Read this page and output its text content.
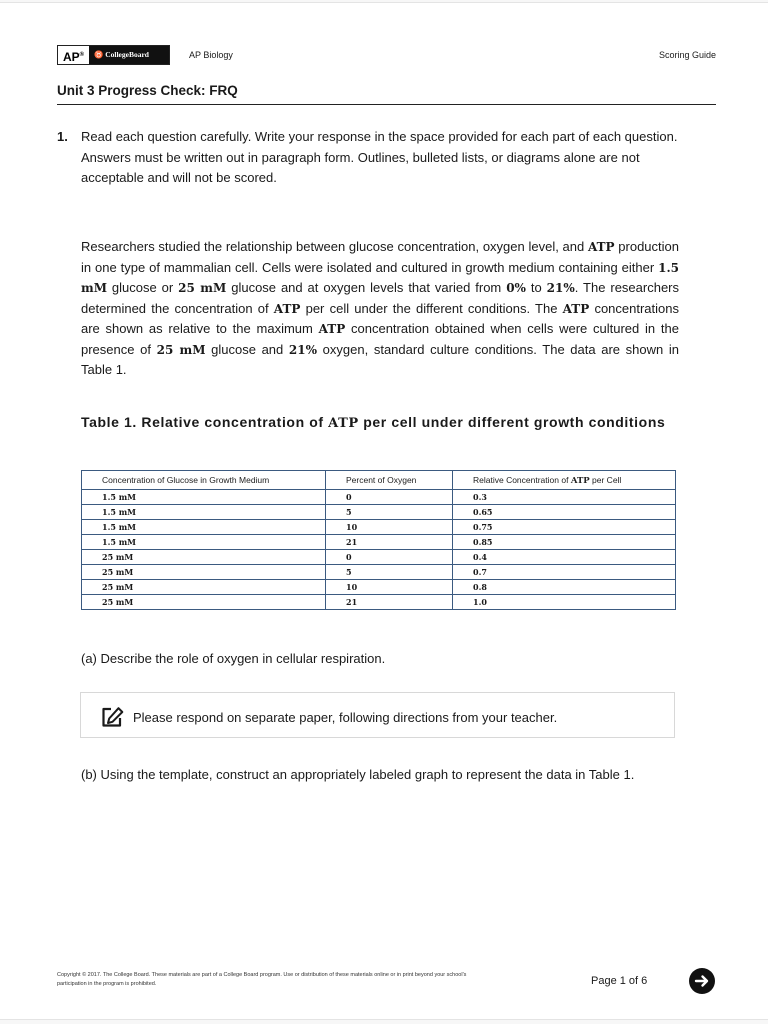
AP®	♉ CollegeBoard	AP Biology	Scoring Guide
Unit 3 Progress Check: FRQ
1. Read each question carefully. Write your response in the space provided for each part of each question. Answers must be written out in paragraph form. Outlines, bulleted lists, or diagrams alone are not acceptable and will not be scored.
Researchers studied the relationship between glucose concentration, oxygen level, and ATP production in one type of mammalian cell. Cells were isolated and cultured in growth medium containing either 1.5 mM glucose or 25 mM glucose and at oxygen levels that varied from 0% to 21%. The researchers determined the concentration of ATP per cell under the different conditions. The ATP concentrations are shown as relative to the maximum ATP concentration obtained when cells were cultured in the presence of 25 mM glucose and 21% oxygen, standard culture conditions. The data are shown in Table 1.
Table 1. Relative concentration of ATP per cell under different growth conditions
Concentration of Glucose in Growth Medium	Percent of Oxygen	Relative Concentration of ATP per Cell
1.5 mM	0	0.3
1.5 mM	5	0.65
1.5 mM	10	0.75
1.5 mM	21	0.85
25 mM	0	0.4
25 mM	5	0.7
25 mM	10	0.8
25 mM	21	1.0
(a) Describe the role of oxygen in cellular respiration.
Please respond on separate paper, following directions from your teacher.
(b) Using the template, construct an appropriately labeled graph to represent the data in Table 1.
Copyright © 2017. The College Board. These materials are part of a College Board program. Use or distribution of these materials online or in print beyond your school's participation in the program is prohibited.	Page 1 of 6
